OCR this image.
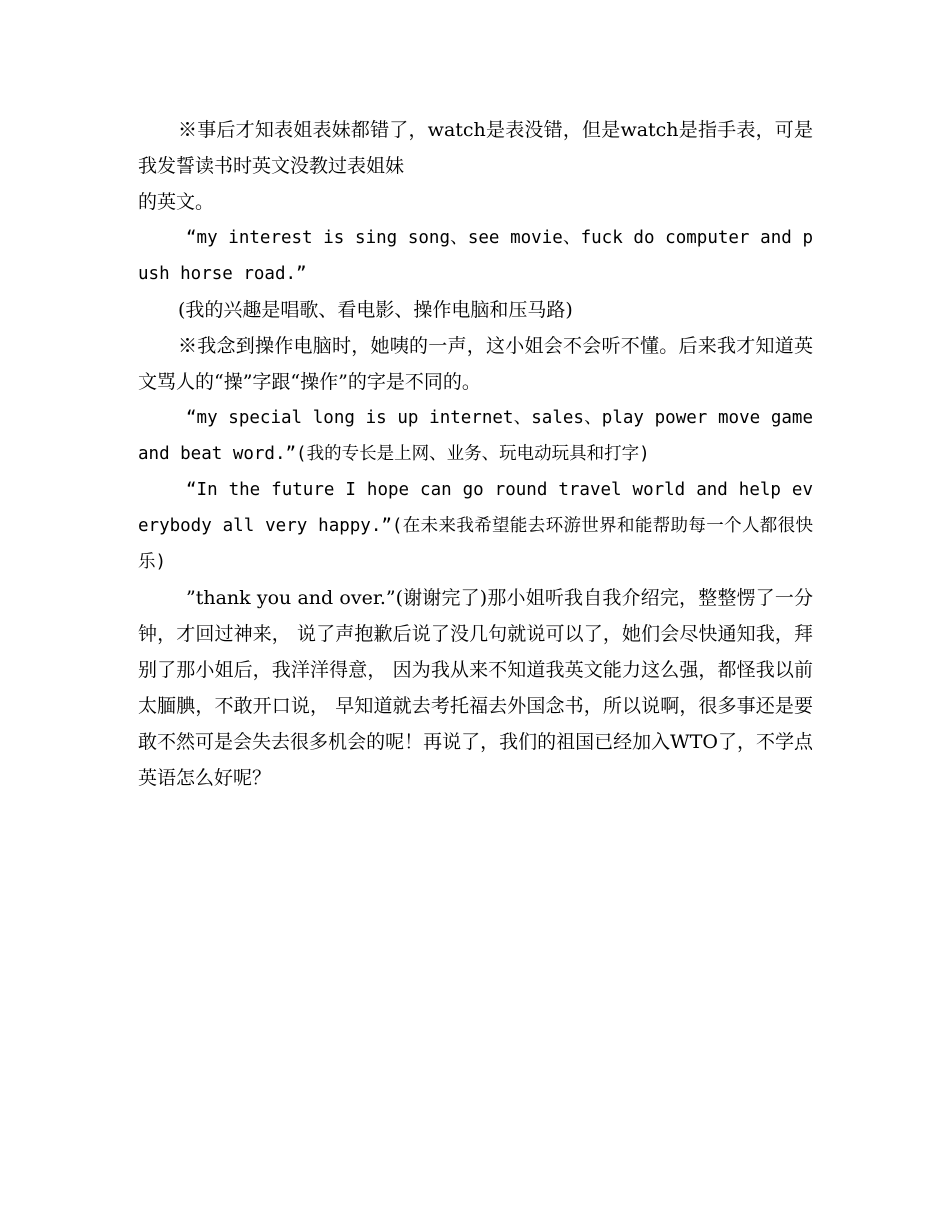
※事后才知表姐表妹都错了，watch是表没错，但是watch是指手表，可是我发誓读书时英文没教过表姐妹

的英文。

“my interest is sing song、see movie、fuck do computer and push horse road.”

(我的兴趣是唱歌、看电影、操作电脑和压马路)

※我念到操作电脑时，她咦的一声，这小姐会不会听不懂。后来我才知道英文骂人的“操”字跟“操作”的字是不同的。

“my special long is up internet、sales、play power move game and beat word.”(我的专长是上网、业务、玩电动玩具和打字)

“In the future I hope can go round travel world and help everybody all very happy.”(在未来我希望能去环游世界和能帮助每一个人都很快乐)

”thank you and over.”(谢谢完了)那小姐听我自我介绍完，整整愣了一分钟，才回过神来， 说了声抱歉后说了没几句就说可以了，她们会尽快通知我，拜别了那小姐后，我洋洋得意， 因为我从来不知道我英文能力这么强，都怪我以前太腼腆，不敢开口说， 早知道就去考托福去外国念书，所以说啊，很多事还是要敢不然可是会失去很多机会的呢！再说了，我们的祖国已经加入WTO了，不学点英语怎么好呢？
